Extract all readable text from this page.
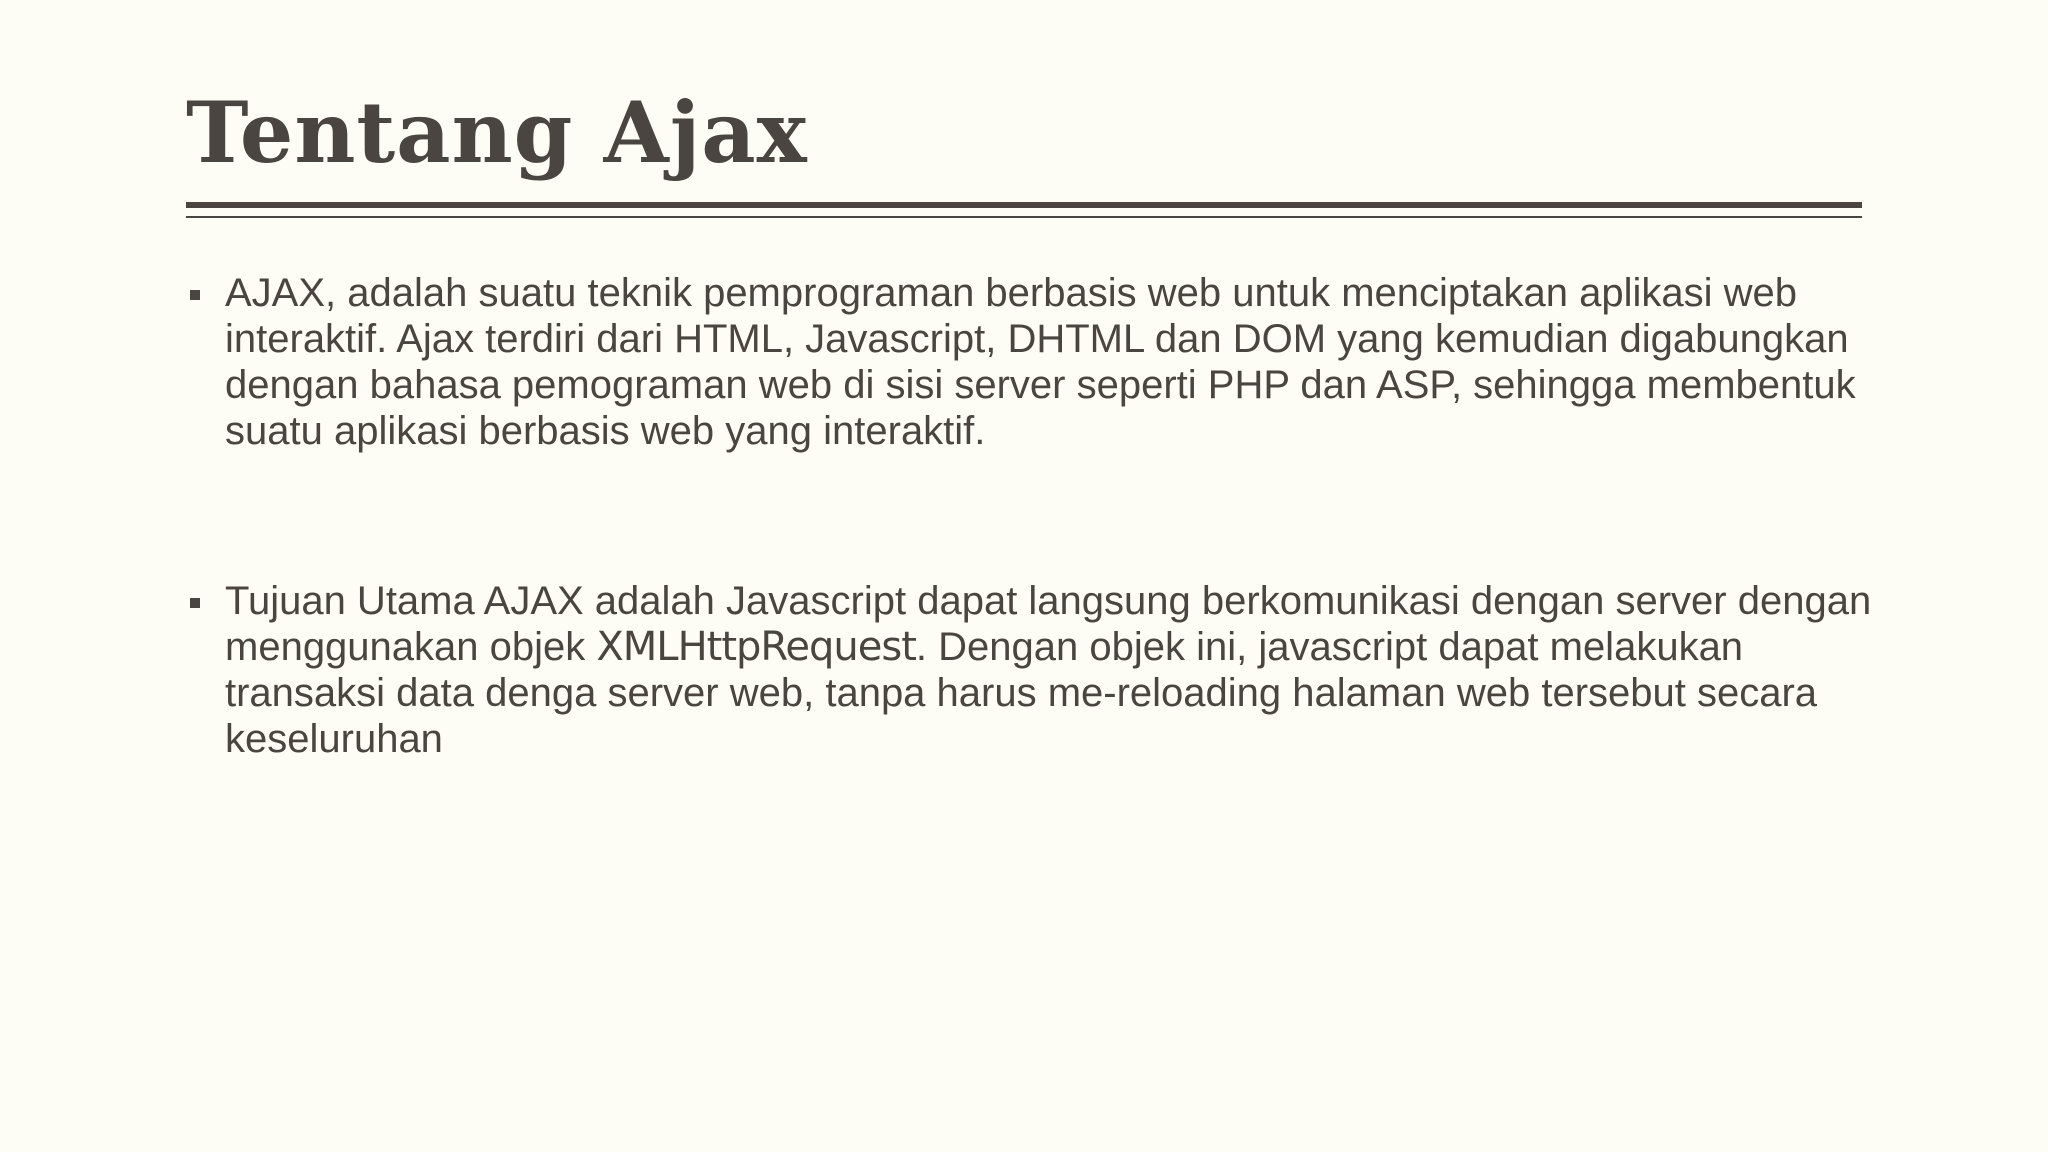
Tentang Ajax
AJAX, adalah suatu teknik pemprograman berbasis web untuk menciptakan aplikasi web interaktif. Ajax terdiri dari HTML, Javascript, DHTML dan DOM yang kemudian digabungkan dengan bahasa pemograman web di sisi server seperti PHP dan ASP, sehingga membentuk suatu aplikasi berbasis web yang interaktif.
Tujuan Utama AJAX adalah Javascript dapat langsung berkomunikasi dengan server dengan menggunakan objek XMLHttpRequest. Dengan objek ini, javascript dapat melakukan transaksi data denga server web, tanpa harus me-reloading halaman web tersebut secara keseluruhan
